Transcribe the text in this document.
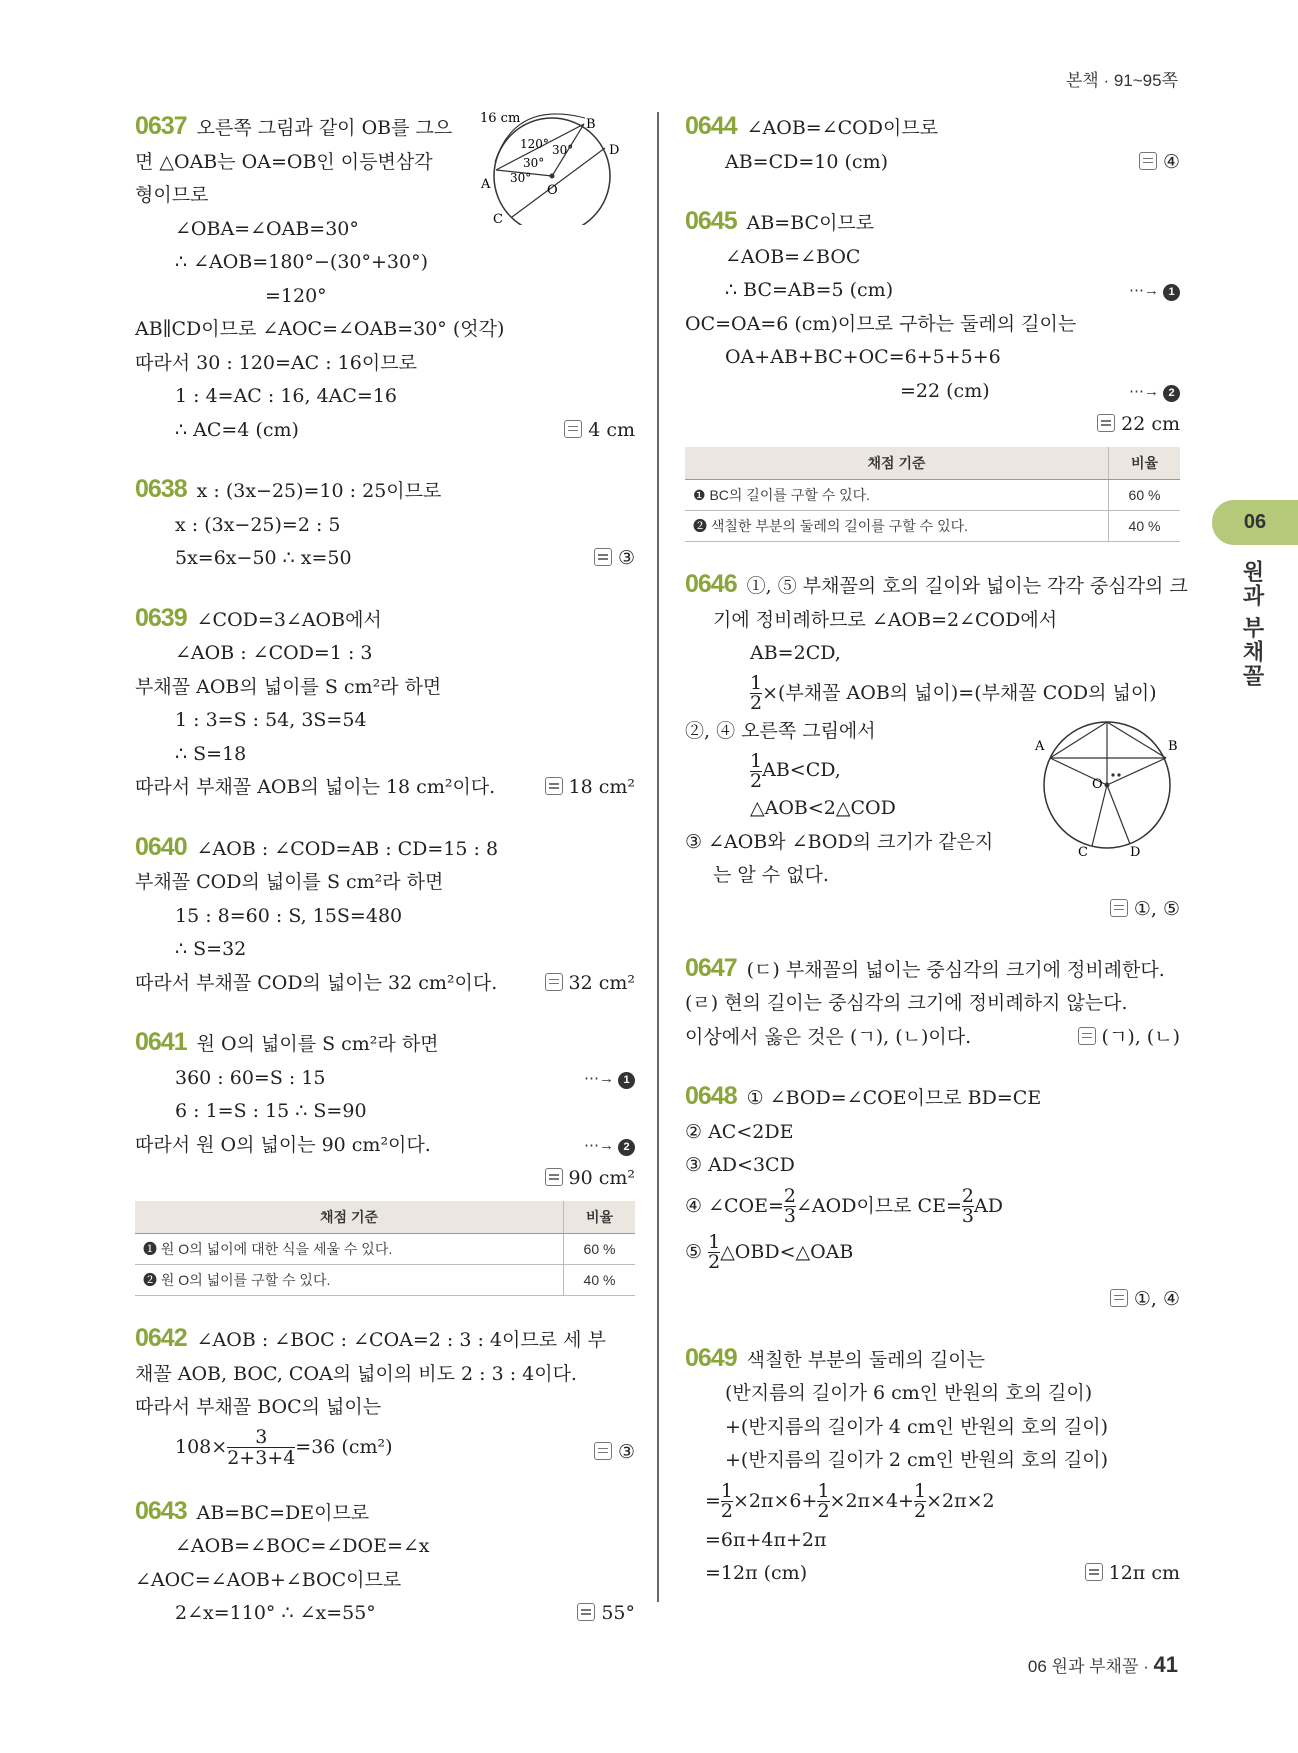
본책 · 91~95쪽
16 cm
120° 30°
30°
30°
A
B
C
D
O
0637 오른쪽 그림과 같이 OB를 그으
면 △OAB는 OA=OB인 이등변삼각
형이므로
∠OBA=∠OAB=30°
∴ ∠AOB=180°−(30°+30°)
=120°
AB∥CD이므로 ∠AOC=∠OAB=30° (엇각)
따라서 30 : 120=AC : 16이므로
1 : 4=AC : 16, 4AC=16
∴ AC=4 (cm)	4 cm
0638 x : (3x−25)=10 : 25이므로
x : (3x−25)=2 : 5
5x=6x−50 ∴ x=50	③
0639 ∠COD=3∠AOB에서
∠AOB : ∠COD=1 : 3
부채꼴 AOB의 넓이를 S cm²라 하면
1 : 3=S : 54, 3S=54
∴ S=18
따라서 부채꼴 AOB의 넓이는 18 cm²이다.	18 cm²
0640 ∠AOB : ∠COD=AB : CD=15 : 8
부채꼴 COD의 넓이를 S cm²라 하면
15 : 8=60 : S, 15S=480
∴ S=32
따라서 부채꼴 COD의 넓이는 32 cm²이다.	32 cm²
0641 원 O의 넓이를 S cm²라 하면
360 : 60=S : 15	⋯→ 1
6 : 1=S : 15 ∴ S=90
따라서 원 O의 넓이는 90 cm²이다.	⋯→ 2
90 cm²
채점 기준	비율
❶ 원 O의 넓이에 대한 식을 세울 수 있다.	60 %
❷ 원 O의 넓이를 구할 수 있다.	40 %
0642 ∠AOB : ∠BOC : ∠COA=2 : 3 : 4이므로 세 부
채꼴 AOB, BOC, COA의 넓이의 비도 2 : 3 : 4이다.
따라서 부채꼴 BOC의 넓이는
$108\times \frac{3}{2+3+4} =36$ (cm²)	③
0643 AB=BC=DE이므로
∠AOB=∠BOC=∠DOE=∠x
∠AOC=∠AOB+∠BOC이므로
2∠x=110° ∴ ∠x=55°	55°
0644 ∠AOB=∠COD이므로
AB=CD=10 (cm)	④
0645 AB=BC이므로
∠AOB=∠BOC
∴ BC=AB=5 (cm)	⋯→ 1
OC=OA=6 (cm)이므로 구하는 둘레의 길이는
OA+AB+BC+OC=6+5+5+6
=22 (cm)	⋯→ 2
22 cm
채점 기준	비율
❶ BC의 길이를 구할 수 있다.	60 %
❷ 색칠한 부분의 둘레의 길이를 구할 수 있다.	40 %
A	B
C	D
O
0646 ①, ⑤ 부채꼴의 호의 길이와 넓이는 각각 중심각의 크
기에 정비례하므로 ∠AOB=2∠COD에서
AB=2CD,
$\frac{1}{2}$ ×(부채꼴 AOB의 넓이)=(부채꼴 COD의 넓이)
②, ④ 오른쪽 그림에서
$\frac{1}{2} AB<CD$,
△AOB<2△COD
③ ∠AOB와 ∠BOD의 크기가 같은지
는 알 수 없다.
①, ⑤
0647 (ㄷ) 부채꼴의 넓이는 중심각의 크기에 정비례한다.
(ㄹ) 현의 길이는 중심각의 크기에 정비례하지 않는다.
이상에서 옳은 것은 (ㄱ), (ㄴ)이다.	(ㄱ), (ㄴ)
0648 ① ∠BOD=∠COE이므로 BD=CE
② AC<2DE
③ AD<3CD
④ ∠COE= $\frac{2}{3}$ ∠AOD이므로 $CE= \frac{2}{3}$ AD
⑤ $\frac{1}{2}$ △OBD<△OAB
①, ④
0649 색칠한 부분의 둘레의 길이는
(반지름의 길이가 6 cm인 반원의 호의 길이)
+(반지름의 길이가 4 cm인 반원의 호의 길이)
+(반지름의 길이가 2 cm인 반원의 호의 길이)
= $\frac{1}{2} \times 2\pi\times 6+ \frac{1}{2} \times 2\pi\times 4+ \frac{1}{2} \times 2\pi\times 2$
=6π+4π+2π
=12π (cm)	12π cm
06
원과 부채꼴
06 원과 부채꼴 · 41
